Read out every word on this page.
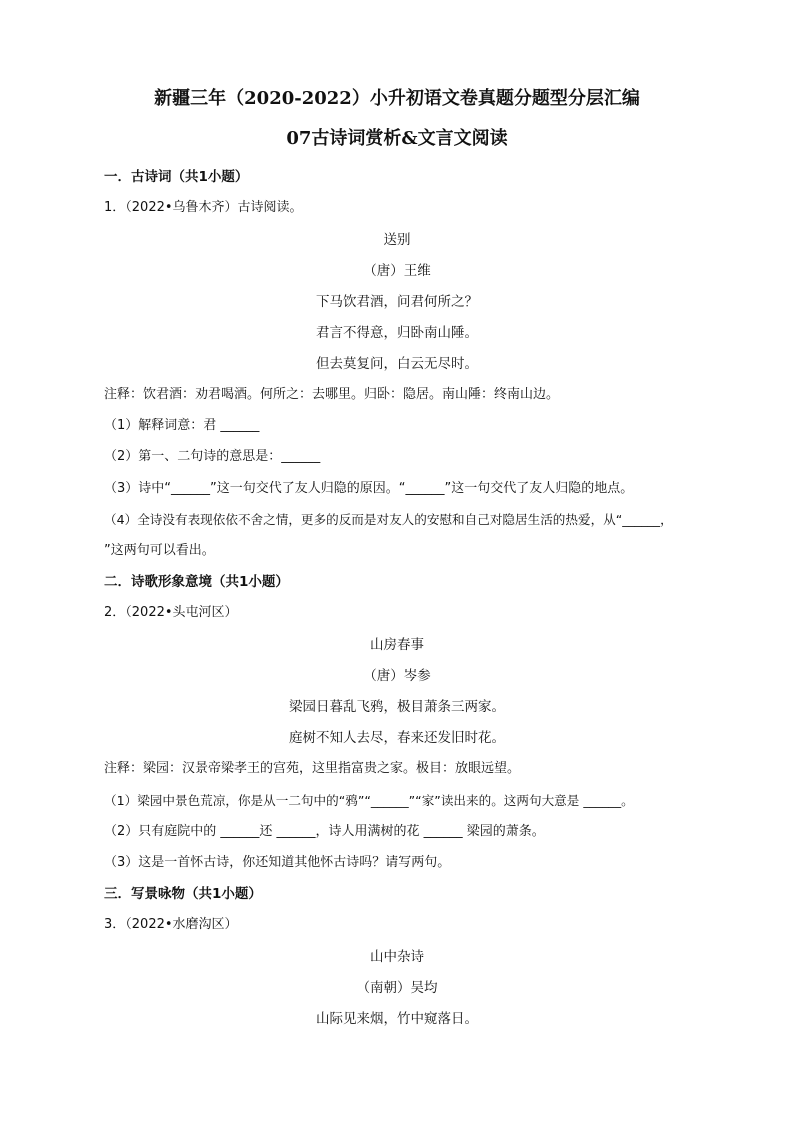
新疆三年（2020-2022）小升初语文卷真题分题型分层汇编
07古诗词赏析&文言文阅读
一．古诗词（共1小题）
1．（2022•乌鲁木齐）古诗阅读。
送别
（唐）王维
下马饮君酒，问君何所之？
君言不得意，归卧南山陲。
但去莫复问，白云无尽时。
注释：饮君酒：劝君喝酒。何所之：去哪里。归卧：隐居。南山陲：终南山边。
（1）解释词意：君 ______
（2）第一、二句诗的意思是：______
（3）诗中“______”这一句交代了友人归隐的原因。“______”这一句交代了友人归隐的地点。
（4）全诗没有表现依依不舍之情，更多的反而是对友人的安慰和自己对隐居生活的热爱，从“______，
”这两句可以看出。
二．诗歌形象意境（共1小题）
2．（2022•头屯河区）
山房春事
（唐）岑参
梁园日暮乱飞鸦，极目萧条三两家。
庭树不知人去尽，春来还发旧时花。
注释：梁园：汉景帝梁孝王的宫苑，这里指富贵之家。极目：放眼远望。
（1）梁园中景色荒凉，你是从一二句中的“鸦”“______”“家”读出来的。这两句大意是 ______。
（2）只有庭院中的 ______还 ______，诗人用满树的花 ______ 梁园的萧条。
（3）这是一首怀古诗，你还知道其他怀古诗吗？请写两句。
三．写景咏物（共1小题）
3．（2022•水磨沟区）
山中杂诗
（南朝）吴均
山际见来烟，竹中窥落日。
